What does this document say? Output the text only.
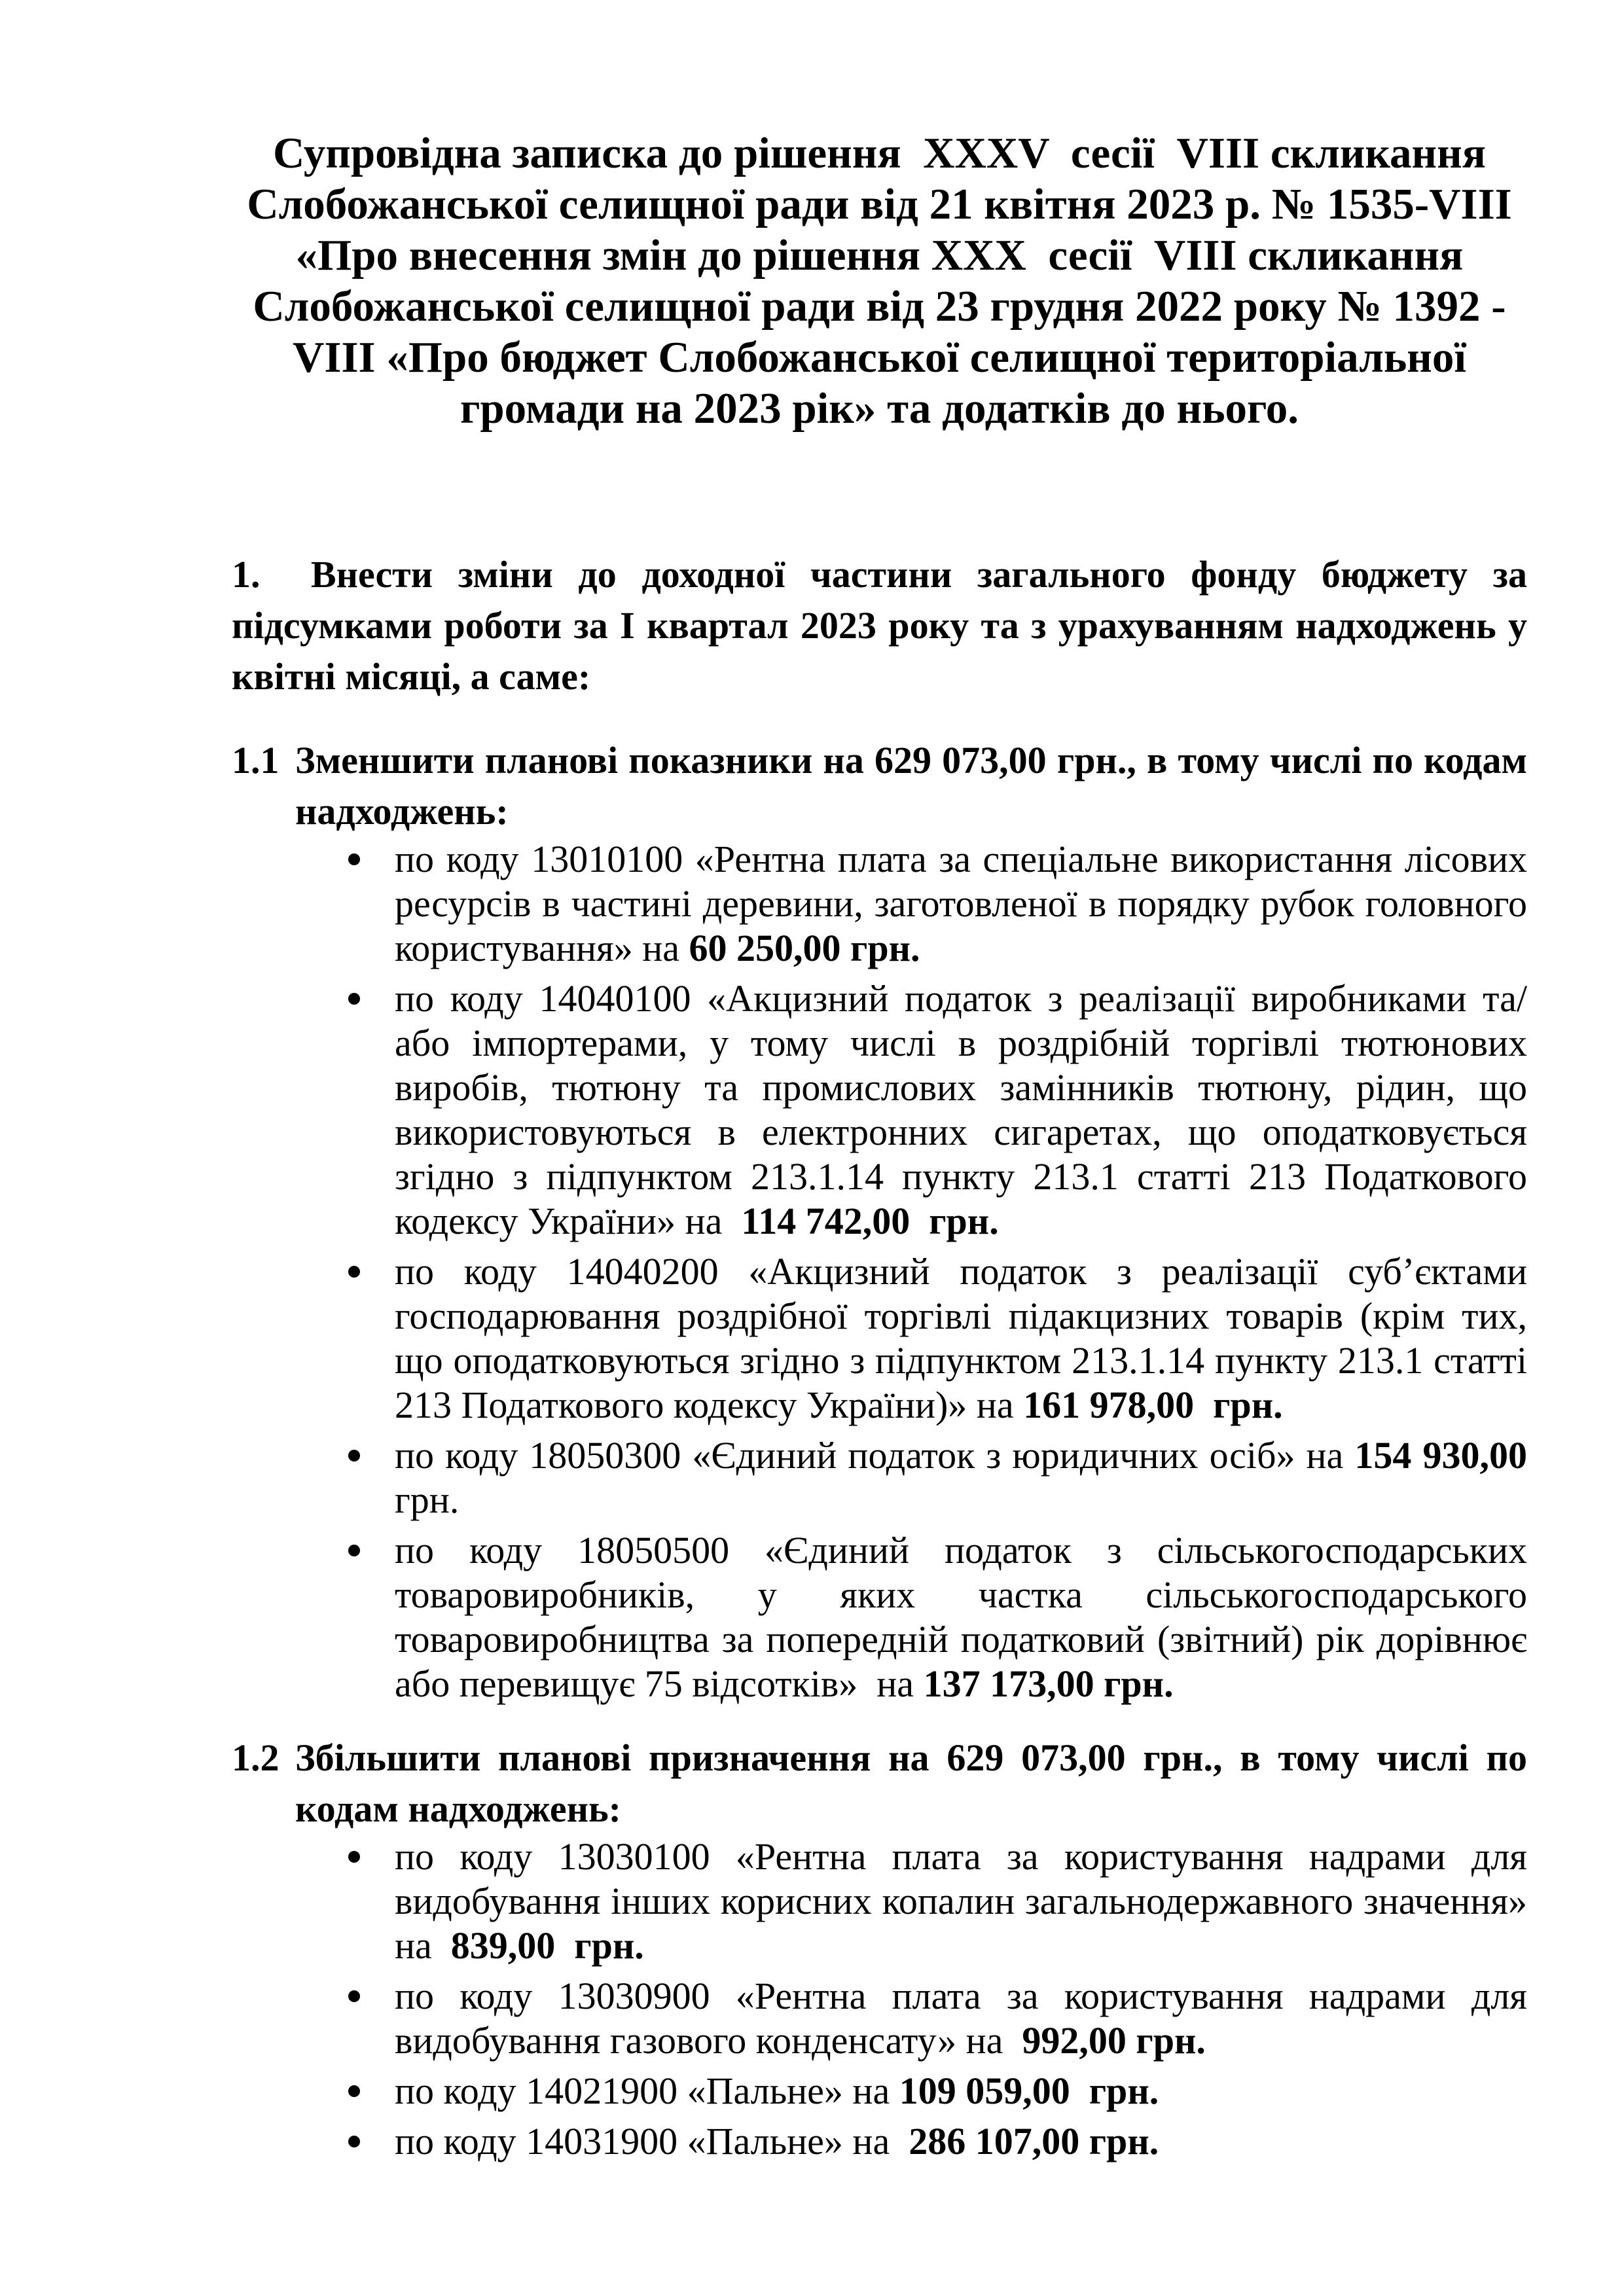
Супровідна записка до рішення  XXXV  сесії  VIII скликання
Слобожанської селищної ради від 21 квітня 2023 р. № 1535-VIII
«Про внесення змін до рішення XXX  сесії  VIII скликання
Слобожанської селищної ради від 23 грудня 2022 року № 1392 -
VIII «Про бюджет Слобожанської селищної територіальної
громади на 2023 рік» та додатків до нього.

1.  Внести зміни до доходної частини загального фонду бюджету за підсумками роботи за І квартал 2023 року та з урахуванням надходжень у квітні місяці, а саме:

1.1 Зменшити планові показники на 629 073,00 грн., в тому числі по кодам надходжень:

по коду 13010100 «Рентна плата за спеціальне використання лісових ресурсів в частині деревини, заготовленої в порядку рубок головного користування» на 60 250,00 грн.
по коду 14040100 «Акцизний податок з реалізації виробниками та/або імпортерами, у тому числі в роздрібній торгівлі тютюнових виробів, тютюну та промислових замінників тютюну, рідин, що використовуються в електронних сигаретах, що оподатковується згідно з підпунктом 213.1.14 пункту 213.1 статті 213 Податкового кодексу України» на  114 742,00  грн.
по коду 14040200 «Акцизний податок з реалізації суб’єктами господарювання роздрібної торгівлі підакцизних товарів (крім тих, що оподатковуються згідно з підпунктом 213.1.14 пункту 213.1 статті 213 Податкового кодексу України)» на 161 978,00  грн.
по коду 18050300 «Єдиний податок з юридичних осіб» на 154 930,00 грн.
по коду 18050500 «Єдиний податок з сільськогосподарських товаровиробників, у яких частка сільськогосподарського товаровиробництва за попередній податковий (звітний) рік дорівнює або перевищує 75 відсотків»  на 137 173,00 грн.

1.2 Збільшити планові призначення на 629 073,00 грн., в тому числі по кодам надходжень:

по коду 13030100 «Рентна плата за користування надрами для видобування інших корисних копалин загальнодержавного значення» на  839,00  грн.
по коду 13030900 «Рентна плата за користування надрами для видобування газового конденсату» на  992,00 грн.
по коду 14021900 «Пальне» на 109 059,00  грн.
по коду 14031900 «Пальне» на  286 107,00 грн.
